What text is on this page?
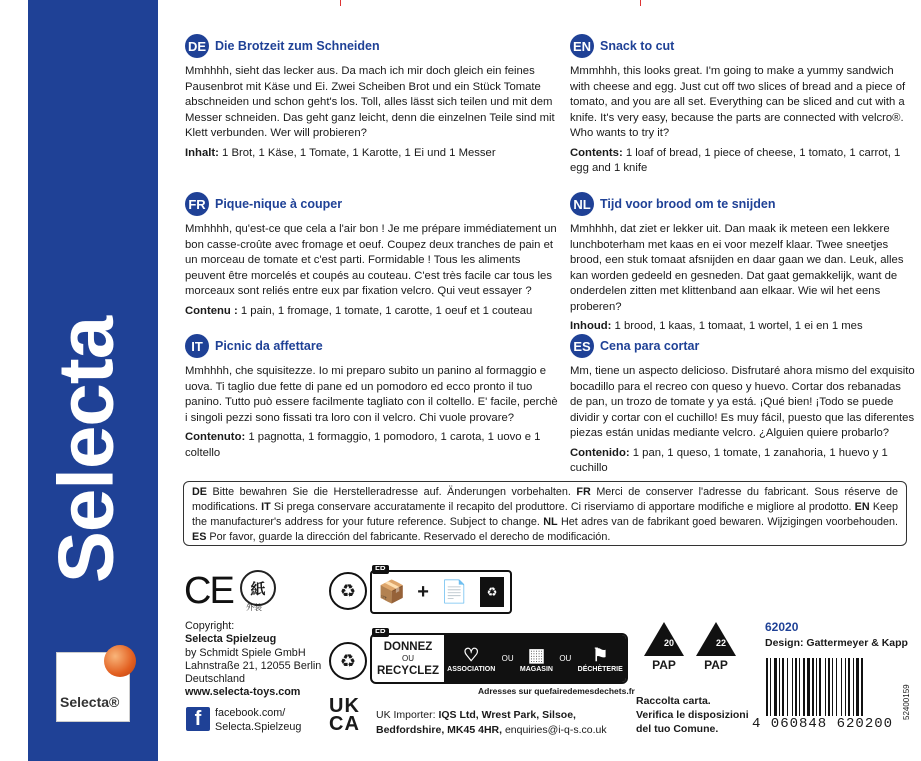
Selecta
Selecta®
DE Die Brotzeit zum Schneiden
Mmhhhh, sieht das lecker aus. Da mach ich mir doch gleich ein feines Pausenbrot mit Käse und Ei. Zwei Scheiben Brot und ein Stück Tomate abschneiden und schon geht's los. Toll, alles lässt sich teilen und mit dem Messer schneiden. Das geht ganz leicht, denn die einzelnen Teile sind mit Klett verbunden. Wer will probieren?
Inhalt: 1 Brot, 1 Käse, 1 Tomate, 1 Karotte, 1 Ei und 1 Messer
EN Snack to cut
Mmmhhh, this looks great. I'm going to make a yummy sandwich with cheese and egg. Just cut off two slices of bread and a piece of tomato, and you are all set. Everything can be sliced and cut with a knife. It's very easy, because the parts are connected with velcro®. Who wants to try it?
Contents: 1 loaf of bread, 1 piece of cheese, 1 tomato, 1 carrot, 1 egg and 1 knife
FR Pique-nique à couper
Mmhhhh, qu'est-ce que cela a l'air bon ! Je me prépare immédiatement un bon casse-croûte avec fromage et oeuf. Coupez deux tranches de pain et un morceau de tomate et c'est parti. Formidable ! Tous les aliments peuvent être morcelés et coupés au couteau. C'est très facile car tous les morceaux sont reliés entre eux par fixation velcro. Qui veut essayer ?
Contenu : 1 pain, 1 fromage, 1 tomate, 1 carotte, 1 oeuf et 1 couteau
NL Tijd voor brood om te snijden
Mmhhhh, dat ziet er lekker uit. Dan maak ik meteen een lekkere lunchboterham met kaas en ei voor mezelf klaar. Twee sneetjes brood, een stuk tomaat afsnijden en daar gaan we dan. Leuk, alles kan worden gedeeld en gesneden. Dat gaat gemakkelijk, want de onderdelen zitten met klittenband aan elkaar. Wie wil het eens proberen?
Inhoud: 1 brood, 1 kaas, 1 tomaat, 1 wortel, 1 ei en 1 mes
IT Picnic da affettare
Mmhhhh, che squisitezze. Io mi preparo subito un panino al formaggio e uova. Ti taglio due fette di pane ed un pomodoro ed ecco pronto il tuo panino. Tutto può essere facilmente tagliato con il coltello. E' facile, perchè i singoli pezzi sono fissati tra loro con il velcro. Chi vuole provare?
Contenuto: 1 pagnotta, 1 formaggio, 1 pomodoro, 1 carota, 1 uovo e 1 coltello
ES Cena para cortar
Mm, tiene un aspecto delicioso. Disfrutaré ahora mismo del exquisito bocadillo para el recreo con queso y huevo. Cortar dos rebanadas de pan, un trozo de tomate y ya está. ¡Qué bien! ¡Todo se puede dividir y cortar con el cuchillo! Es muy fácil, puesto que las diferentes piezas están unidas mediante velcro. ¿Alguien quiere probarlo?
Contenido: 1 pan, 1 queso, 1 tomate, 1 zanahoria, 1 huevo y 1 cuchillo
DE Bitte bewahren Sie die Herstelleradresse auf. Änderungen vorbehalten. FR Merci de conserver l'adresse du fabricant. Sous réserve de modifications. IT Si prega conservare accuratamente il recapito del produttore. Ci riserviamo di apportare modifiche e migliore al prodotto. EN Keep the manufacturer's address for your future reference. Subject to change. NL Het adres van de fabrikant goed bewaren. Wijzigingen voorbehouden. ES Por favor, guarde la dirección del fabricante. Reservado el derecho de modificación.
CE	紙
外装
Copyright:
Selecta Spielzeug
by Schmidt Spiele GmbH
Lahnstraße 21, 12055 Berlin
Deutschland
www.selecta-toys.com
f	facebook.com/
Selecta.Spielzeug
♻
FR
📦 + 📄	♻
♻
FR
DONNEZ
OU
RECYCLEZ
♡
ASSOCIATION
OU ▦
MAGASIN
OU ⚑
DÉCHÈTERIE
Adresses sur quefairedemesdechets.fr
UK
CA UK Importer: IQS Ltd, Wrest Park, Silsoe,
Bedfordshire, MK45 4HR, enquiries@i-q-s.co.uk
20
PAP
22
PAP
Raccolta carta.
Verifica le disposizioni
del tuo Comune.
62020
Design: Gattermeyer & Kapp
52400159
4 060848 620200
